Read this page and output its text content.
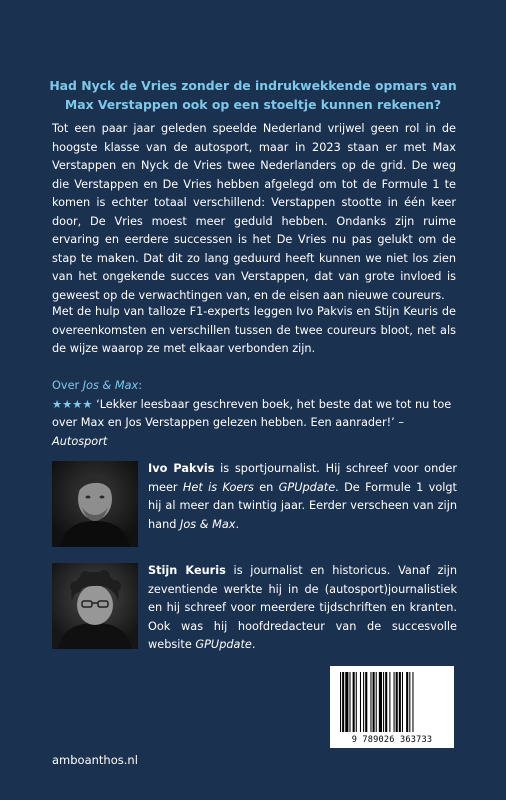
Had Nyck de Vries zonder de indrukwekkende opmars van Max Verstappen ook op een stoeltje kunnen rekenen?
Tot een paar jaar geleden speelde Nederland vrijwel geen rol in de hoogste klasse van de autosport, maar in 2023 staan er met Max Verstappen en Nyck de Vries twee Nederlanders op de grid. De weg die Verstappen en De Vries hebben afgelegd om tot de Formule 1 te komen is echter totaal verschillend: Verstappen stootte in één keer door, De Vries moest meer geduld hebben. Ondanks zijn ruime ervaring en eerdere successen is het De Vries nu pas gelukt om de stap te maken. Dat dit zo lang geduurd heeft kunnen we niet los zien van het ongekende succes van Verstappen, dat van grote invloed is geweest op de verwachtingen van, en de eisen aan nieuwe coureurs.
Met de hulp van talloze F1-experts leggen Ivo Pakvis en Stijn Keuris de overeenkomsten en verschillen tussen de twee coureurs bloot, net als de wijze waarop ze met elkaar verbonden zijn.
Over Jos & Max:
★★★★ ‘Lekker leesbaar geschreven boek, het beste dat we tot nu toe over Max en Jos Verstappen gelezen hebben. Een aanrader!’ – Autosport
Ivo Pakvis is sportjournalist. Hij schreef voor onder meer Het is Koers en GPUpdate. De Formule 1 volgt hij al meer dan twintig jaar. Eerder verscheen van zijn hand Jos & Max.
Stijn Keuris is journalist en historicus. Vanaf zijn zeventiende werkte hij in de (autosport)journalistiek en hij schreef voor meerdere tijdschriften en kranten. Ook was hij hoofdredacteur van de succesvolle website GPUpdate.
9 789026 363733
amboanthos.nl
